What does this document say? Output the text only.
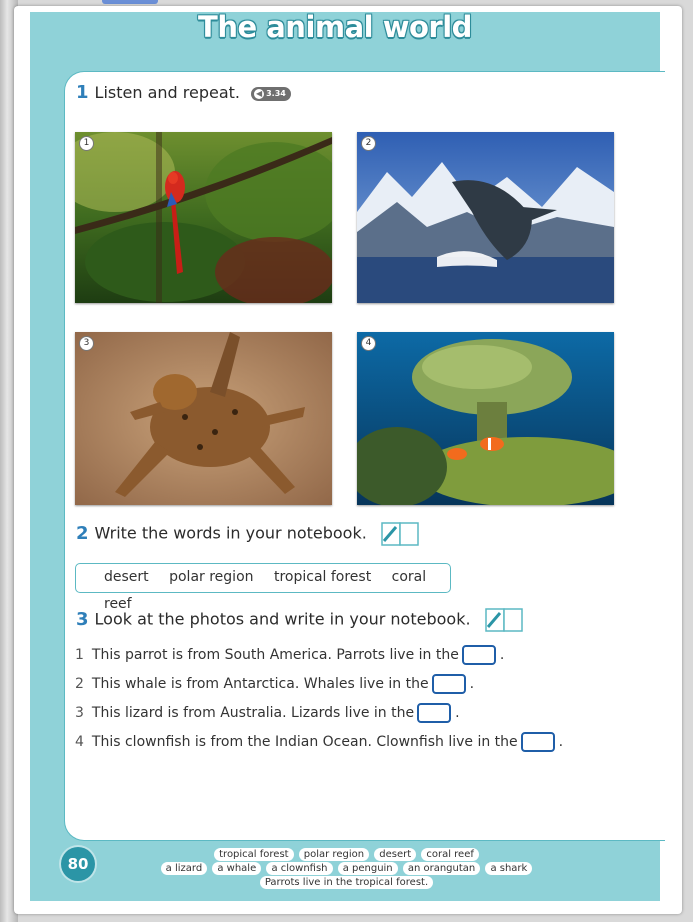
The animal world
1 Listen and repeat. ◀ 3.34
1	2
3	4
2 Write the words in your notebook.
desert polar region tropical forest coral reef
3 Look at the photos and write in your notebook.
1 This parrot is from South America. Parrots live in the	.
2 This whale is from Antarctica. Whales live in the	.
3 This lizard is from Australia. Lizards live in the	.
4 This clownfish is from the Indian Ocean. Clownfish live in the	.
80
tropical forest polar region desert coral reef
a lizard a whale a clownfish a penguin an orangutan a shark
Parrots live in the tropical forest.
